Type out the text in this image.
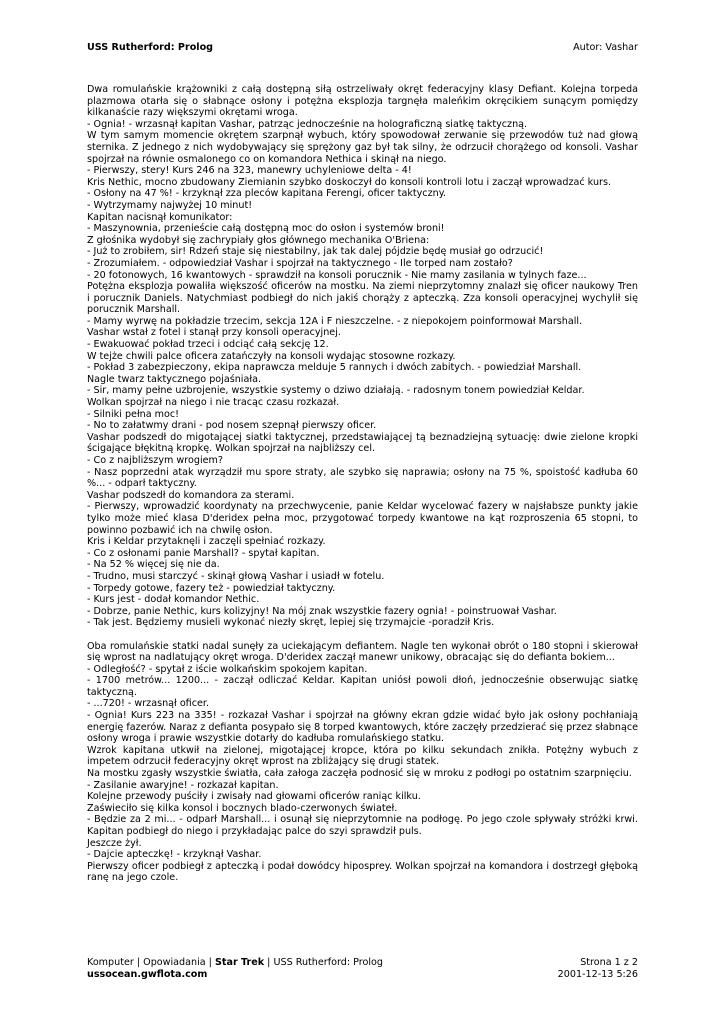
USS Rutherford: Prolog	Autor: Vashar

Dwa romulańskie krążowniki z całą dostępną siłą ostrzeliwały okręt federacyjny klasy Defiant. Kolejna torpeda plazmowa otarła się o słabnące osłony i potężna eksplozja targnęła maleńkim okręcikiem sunącym pomiędzy kilkanaście razy większymi okrętami wroga.

- Ognia! - wrzasnął kapitan Vashar, patrząc jednocześnie na holograficzną siatkę taktyczną.

W tym samym momencie okrętem szarpnął wybuch, który spowodował zerwanie się przewodów tuż nad głową sternika. Z jednego z nich wydobywający się sprężony gaz był tak silny, że odrzucił chorążego od konsoli. Vashar spojrzał na równie osmalonego co on komandora Nethica i skinął na niego.

- Pierwszy, stery! Kurs 246 na 323, manewry uchyleniowe delta - 4!

Kris Nethic, mocno zbudowany Ziemianin szybko doskoczył do konsoli kontroli lotu i zaczął wprowadzać kurs.

- Osłony na 47 %! - krzyknął zza pleców kapitana Ferengi, oficer taktyczny.

- Wytrzymamy najwyżej 10 minut!

Kapitan nacisnął komunikator:

- Maszynownia, przenieście całą dostępną moc do osłon i systemów broni!

Z głośnika wydobył się zachrypiały głos głównego mechanika O'Briena:

- Już to zrobiłem, sir! Rdzeń staje się niestabilny, jak tak dalej pójdzie będę musiał go odrzucić!

- Zrozumiałem. - odpowiedział Vashar i spojrzał na taktycznego - Ile torped nam zostało?

- 20 fotonowych, 16 kwantowych - sprawdził na konsoli porucznik - Nie mamy zasilania w tylnych faze...

Potężna eksplozja powaliła większość oficerów na mostku. Na ziemi nieprzytomny znalazł się oficer naukowy Tren i porucznik Daniels. Natychmiast podbiegł do nich jakiś chorąży z apteczką. Zza konsoli operacyjnej wychylił się porucznik Marshall.

- Mamy wyrwę na pokładzie trzecim, sekcja 12A i F nieszczelne. - z niepokojem poinformował Marshall.

Vashar wstał z fotel i stanął przy konsoli operacyjnej.

- Ewakuować pokład trzeci i odciąć całą sekcję 12.

W tejże chwili palce oficera zatańczyły na konsoli wydając stosowne rozkazy.

- Pokład 3 zabezpieczony, ekipa naprawcza melduje 5 rannych i dwóch zabitych. - powiedział Marshall.

Nagle twarz taktycznego pojaśniała.

- Sir, mamy pełne uzbrojenie, wszystkie systemy o dziwo działają. - radosnym tonem powiedział Keldar.

Wolkan spojrzał na niego i nie tracąc czasu rozkazał.

- Silniki pełna moc!

- No to załatwmy drani - pod nosem szepnął pierwszy oficer.

Vashar podszedł do migotającej siatki taktycznej, przedstawiającej tą beznadziejną sytuację: dwie zielone kropki ścigające błękitną kropkę. Wolkan spojrzał na najbliższy cel.

- Co z najbliższym wrogiem?

- Nasz poprzedni atak wyrządził mu spore straty, ale szybko się naprawia; osłony na 75 %, spoistość kadłuba 60 %... - odparł taktyczny.

Vashar podszedł do komandora za sterami.

- Pierwszy, wprowadzić koordynaty na przechwycenie, panie Keldar wycelować fazery w najsłabsze punkty jakie tylko może mieć klasa D'deridex pełna moc, przygotować torpedy kwantowe na kąt rozproszenia 65 stopni, to powinno pozbawić ich na chwilę osłon.

Kris i Keldar przytaknęli i zaczęli spełniać rozkazy.

- Co z osłonami panie Marshall? - spytał kapitan.

- Na 52 % więcej się nie da.

- Trudno, musi starczyć - skinął głową Vashar i usiadł w fotelu.

- Torpedy gotowe, fazery też - powiedział taktyczny.

- Kurs jest - dodał komandor Nethic.

- Dobrze, panie Nethic, kurs kolizyjny! Na mój znak wszystkie fazery ognia! - poinstruował Vashar.

- Tak jest. Będziemy musieli wykonać niezły skręt, lepiej się trzymajcie -poradził Kris.

Oba romulańskie statki nadal sunęły za uciekającym defiantem. Nagle ten wykonał obrót o 180 stopni i skierował się wprost na nadlatujący okręt wroga. D'deridex zaczął manewr unikowy, obracając się do defianta bokiem...

- Odległość? - spytał z iście wolkańskim spokojem kapitan.

- 1700 metrów... 1200... - zaczął odliczać Keldar. Kapitan uniósł powoli dłoń, jednocześnie obserwując siatkę taktyczną.

- ...720! - wrzasnął oficer.

- Ognia! Kurs 223 na 335! - rozkazał Vashar i spojrzał na główny ekran gdzie widać było jak osłony pochłaniają energię fazerów. Naraz z defianta posypało się 8 torped kwantowych, które zaczęły przedzierać się przez słabnące osłony wroga i prawie wszystkie dotarły do kadłuba romulańskiego statku.

Wzrok kapitana utkwił na zielonej, migotającej kropce, która po kilku sekundach znikła. Potężny wybuch z impetem odrzucił federacyjny okręt wprost na zbliżający się drugi statek.

Na mostku zgasły wszystkie światła, cała załoga zaczęła podnosić się w mroku z podłogi po ostatnim szarpnięciu.

- Zasilanie awaryjne! - rozkazał kapitan.

Kolejne przewody puściły i zwisały nad głowami oficerów raniąc kilku.

Zaświeciło się kilka konsol i bocznych blado-czerwonych świateł.

- Będzie za 2 mi... - odparł Marshall... i osunął się nieprzytomnie na podłogę. Po jego czole spływały stróżki krwi. Kapitan podbiegł do niego i przykładając palce do szyi sprawdził puls.

Jeszcze żył.

- Dajcie apteczkę! - krzyknął Vashar.

Pierwszy oficer podbiegł z apteczką i podał dowódcy hiposprey. Wolkan spojrzał na komandora i dostrzegł głęboką ranę na jego czole.

Komputer | Opowiadania | Star Trek | USS Rutherford: Prolog
ussocean.gwflota.com
Strona 1 z 2
2001-12-13 5:26
